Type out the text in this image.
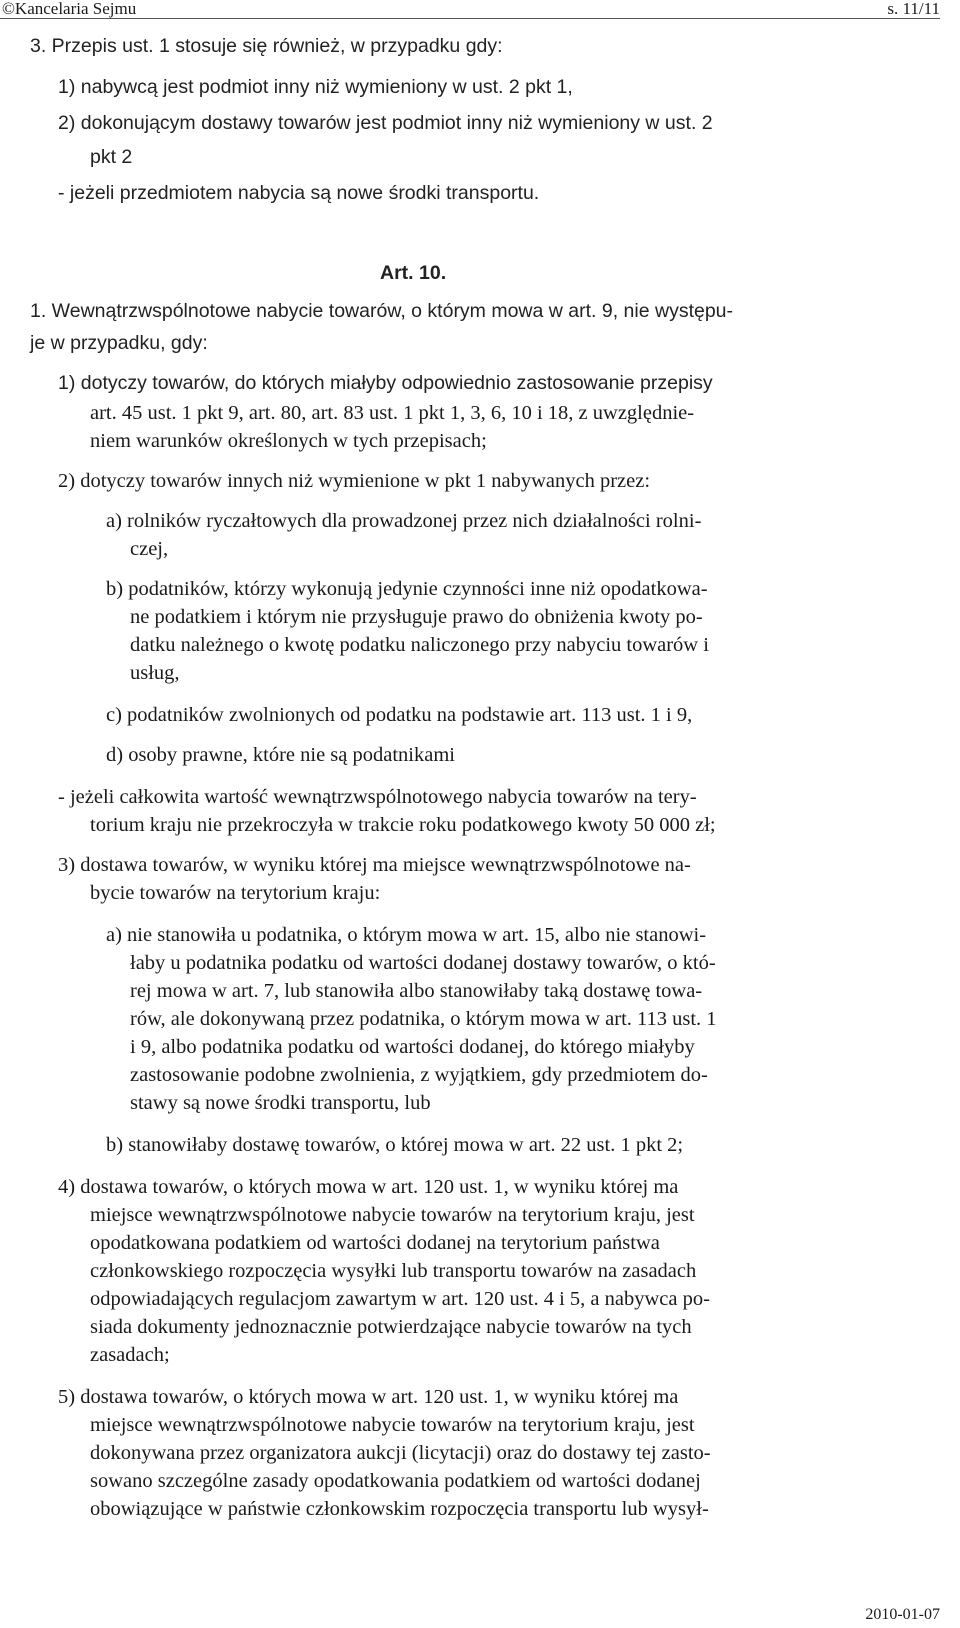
©Kancelaria Sejmu	s. 11/11
3. Przepis ust. 1 stosuje się również, w przypadku gdy:
1) nabywcą jest podmiot inny niż wymieniony w ust. 2 pkt 1,
2) dokonującym dostawy towarów jest podmiot inny niż wymieniony w ust. 2
pkt 2
- jeżeli przedmiotem nabycia są nowe środki transportu.
Art. 10.
1. Wewnątrzwspólnotowe nabycie towarów, o którym mowa w art. 9, nie występu-
je w przypadku, gdy:
1) dotyczy towarów, do których miałyby odpowiednio zastosowanie przepisy
art. 45 ust. 1 pkt 9, art. 80, art. 83 ust. 1 pkt 1, 3, 6, 10 i 18, z uwzględnie-
niem warunków określonych w tych przepisach;
2) dotyczy towarów innych niż wymienione w pkt 1 nabywanych przez:
a) rolników ryczałtowych dla prowadzonej przez nich działalności rolni-
czej,
b) podatników, którzy wykonują jedynie czynności inne niż opodatkowa-
ne podatkiem i którym nie przysługuje prawo do obniżenia kwoty po-
datku należnego o kwotę podatku naliczonego przy nabyciu towarów i
usług,
c) podatników zwolnionych od podatku na podstawie art. 113 ust. 1 i 9,
d) osoby prawne, które nie są podatnikami
- jeżeli całkowita wartość wewnątrzwspólnotowego nabycia towarów na tery-
torium kraju nie przekroczyła w trakcie roku podatkowego kwoty 50 000 zł;
3) dostawa towarów, w wyniku której ma miejsce wewnątrzwspólnotowe na-
bycie towarów na terytorium kraju:
a) nie stanowiła u podatnika, o którym mowa w art. 15, albo nie stanowi-
łaby u podatnika podatku od wartości dodanej dostawy towarów, o któ-
rej mowa w art. 7, lub stanowiła albo stanowiłaby taką dostawę towa-
rów, ale dokonywaną przez podatnika, o którym mowa w art. 113 ust. 1
i 9, albo podatnika podatku od wartości dodanej, do którego miałyby
zastosowanie podobne zwolnienia, z wyjątkiem, gdy przedmiotem do-
stawy są nowe środki transportu, lub
b) stanowiłaby dostawę towarów, o której mowa w art. 22 ust. 1 pkt 2;
4) dostawa towarów, o których mowa w art. 120 ust. 1, w wyniku której ma
miejsce wewnątrzwspólnotowe nabycie towarów na terytorium kraju, jest
opodatkowana podatkiem od wartości dodanej na terytorium państwa
członkowskiego rozpoczęcia wysyłki lub transportu towarów na zasadach
odpowiadających regulacjom zawartym w art. 120 ust. 4 i 5, a nabywca po-
siada dokumenty jednoznacznie potwierdzające nabycie towarów na tych
zasadach;
5) dostawa towarów, o których mowa w art. 120 ust. 1, w wyniku której ma
miejsce wewnątrzwspólnotowe nabycie towarów na terytorium kraju, jest
dokonywana przez organizatora aukcji (licytacji) oraz do dostawy tej zasto-
sowano szczególne zasady opodatkowania podatkiem od wartości dodanej
obowiązujące w państwie członkowskim rozpoczęcia transportu lub wysył-
2010-01-07
